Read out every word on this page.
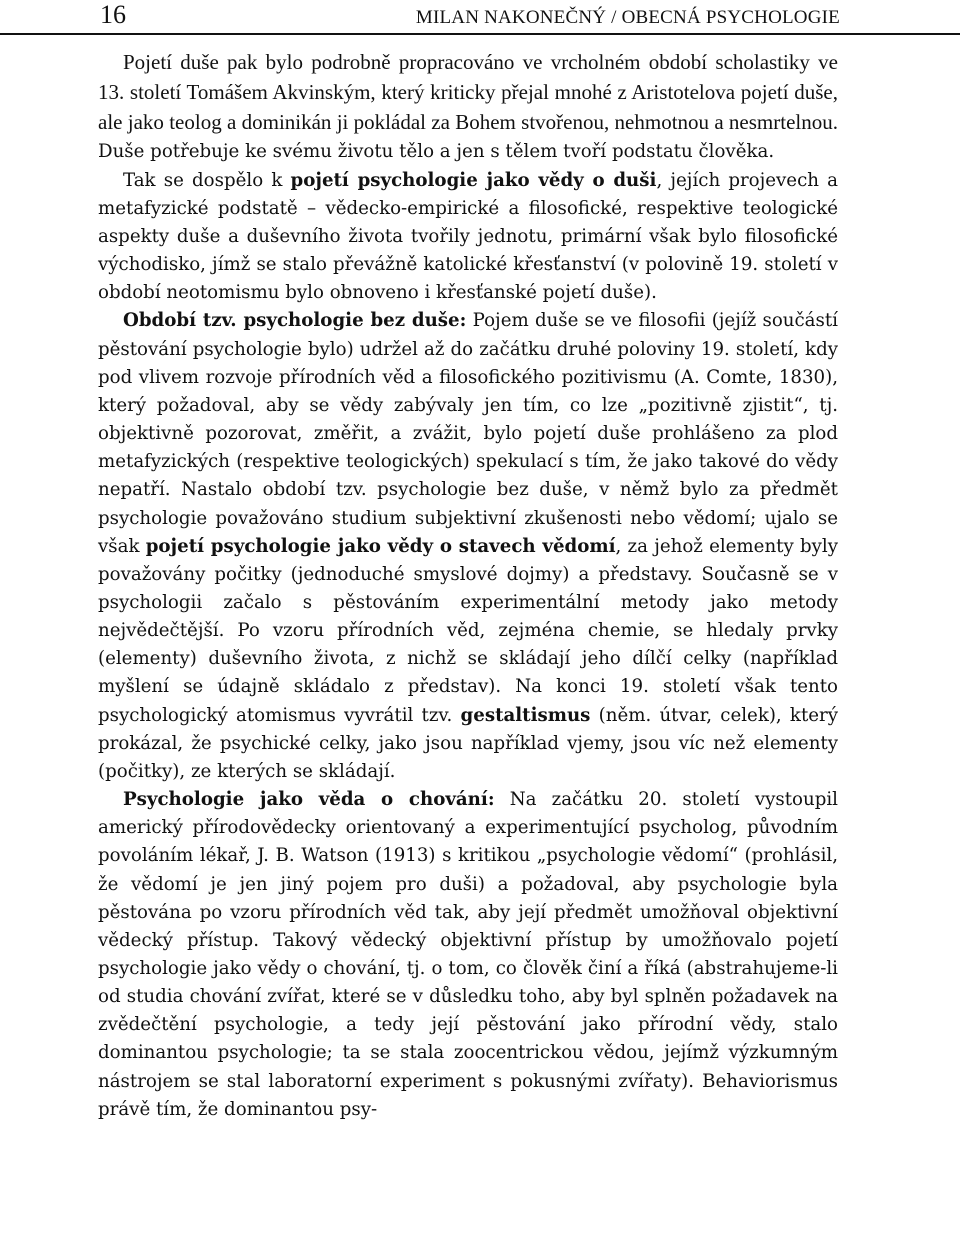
16	MILAN NAKONEČNÝ / OBECNÁ PSYCHOLOGIE

Pojetí duše pak bylo podrobně propracováno ve vrcholném období scholastiky ve 13. století Tomášem Akvinským, který kriticky přejal mnohé z Aristotelova pojetí duše, ale jako teolog a dominikán ji pokládal za Bohem stvořenou, nehmotnou a nesmrtelnou. Duše potřebuje ke svému životu tělo a jen s tělem tvoří podstatu člověka.

Tak se dospělo k pojetí psychologie jako vědy o duši, jejích projevech a metafyzické podstatě – vědecko-empirické a filosofické, respektive teologické aspekty duše a duševního života tvořily jednotu, primární však bylo filosofické východisko, jímž se stalo převážně katolické křesťanství (v polovině 19. století v období neotomismu bylo obnoveno i křesťanské pojetí duše).

Období tzv. psychologie bez duše: Pojem duše se ve filosofii (jejíž součástí pěstování psychologie bylo) udržel až do začátku druhé poloviny 19. století, kdy pod vlivem rozvoje přírodních věd a filosofického pozitivismu (A. Comte, 1830), který požadoval, aby se vědy zabývaly jen tím, co lze „pozitivně zjistit“, tj. objektivně pozorovat, změřit, a zvážit, bylo pojetí duše prohlášeno za plod metafyzických (respektive teologických) spekulací s tím, že jako takové do vědy nepatří. Nastalo období tzv. psychologie bez duše, v němž bylo za předmět psychologie považováno studium subjektivní zkušenosti nebo vědomí; ujalo se však pojetí psychologie jako vědy o stavech vědomí, za jehož elementy byly považovány počitky (jednoduché smyslové dojmy) a představy. Současně se v psychologii začalo s pěstováním experimentální metody jako metody nejvědečtější. Po vzoru přírodních věd, zejména chemie, se hledaly prvky (elementy) duševního života, z nichž se skládají jeho dílčí celky (například myšlení se údajně skládalo z představ). Na konci 19. století však tento psychologický atomismus vyvrátil tzv. gestaltismus (něm. útvar, celek), který prokázal, že psychické celky, jako jsou například vjemy, jsou víc než elementy (počitky), ze kterých se skládají.

Psychologie jako věda o chování: Na začátku 20. století vystoupil americký přírodovědecky orientovaný a experimentující psycholog, původním povoláním lékař, J. B. Watson (1913) s kritikou „psychologie vědomí“ (prohlásil, že vědomí je jen jiný pojem pro duši) a požadoval, aby psychologie byla pěstována po vzoru přírodních věd tak, aby její předmět umožňoval objektivní vědecký přístup. Takový vědecký objektivní přístup by umožňovalo pojetí psychologie jako vědy o chování, tj. o tom, co člověk činí a říká (abstrahujeme-li od studia chování zvířat, které se v důsledku toho, aby byl splněn požadavek na zvědečtění psychologie, a tedy její pěstování jako přírodní vědy, stalo dominantou psychologie; ta se stala zoocentrickou vědou, jejímž výzkumným nástrojem se stal laboratorní experiment s pokusnými zvířaty). Behaviorismus právě tím, že dominantou psy-
